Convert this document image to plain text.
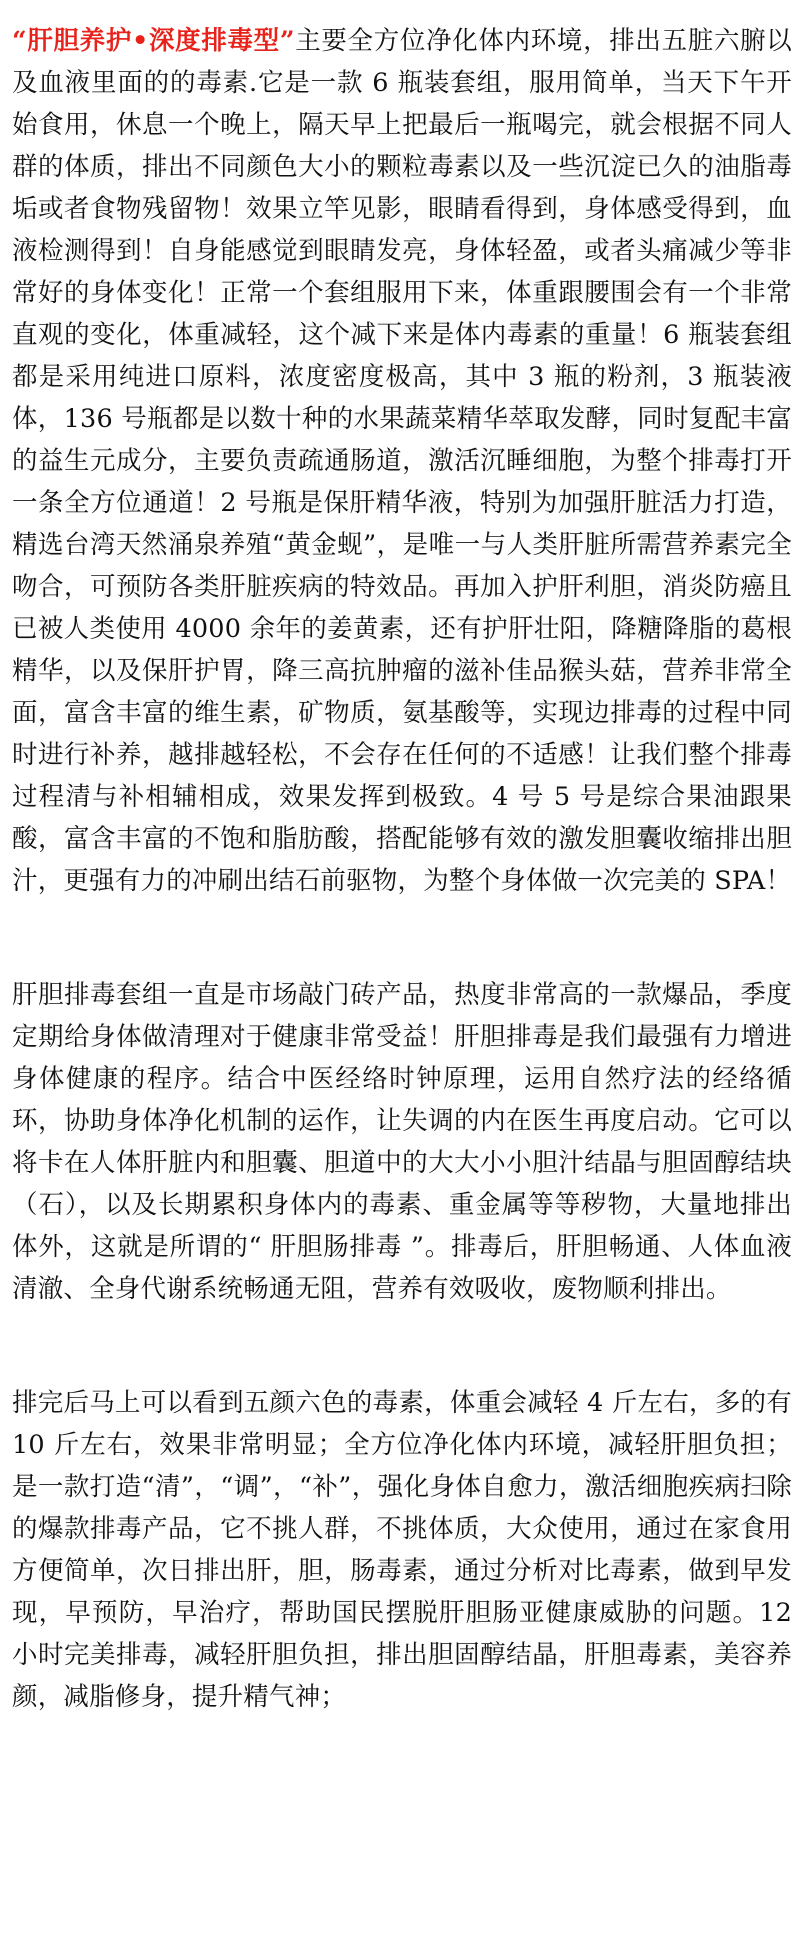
“肝胆养护•深度排毒型”主要全方位净化体内环境，排出五脏六腑以及血液里面的的毒素.它是一款 6 瓶装套组，服用简单，当天下午开始食用，休息一个晚上，隔天早上把最后一瓶喝完，就会根据不同人群的体质，排出不同颜色大小的颗粒毒素以及一些沉淀已久的油脂毒垢或者食物残留物！效果立竿见影，眼睛看得到，身体感受得到，血液检测得到！自身能感觉到眼睛发亮，身体轻盈，或者头痛减少等非常好的身体变化！正常一个套组服用下来，体重跟腰围会有一个非常直观的变化，体重减轻，这个减下来是体内毒素的重量！6 瓶装套组都是采用纯进口原料，浓度密度极高，其中 3 瓶的粉剂，3 瓶装液体，136 号瓶都是以数十种的水果蔬菜精华萃取发酵，同时复配丰富的益生元成分，主要负责疏通肠道，激活沉睡细胞，为整个排毒打开一条全方位通道！2 号瓶是保肝精华液，特别为加强肝脏活力打造，精选台湾天然涌泉养殖“黄金蚬”，是唯一与人类肝脏所需营养素完全吻合，可预防各类肝脏疾病的特效品。再加入护肝利胆，消炎防癌且已被人类使用 4000 余年的姜黄素，还有护肝壮阳，降糖降脂的葛根精华，以及保肝护胃，降三高抗肿瘤的滋补佳品猴头菇，营养非常全面，富含丰富的维生素，矿物质，氨基酸等，实现边排毒的过程中同时进行补养，越排越轻松，不会存在任何的不适感！让我们整个排毒过程清与补相辅相成，效果发挥到极致。4 号 5 号是综合果油跟果酸，富含丰富的不饱和脂肪酸，搭配能够有效的激发胆囊收缩排出胆汁，更强有力的冲刷出结石前驱物，为整个身体做一次完美的 SPA！

肝胆排毒套组一直是市场敲门砖产品，热度非常高的一款爆品，季度定期给身体做清理对于健康非常受益！肝胆排毒是我们最强有力增进身体健康的程序。结合中医经络时钟原理，运用自然疗法的经络循环，协助身体净化机制的运作，让失调的内在医生再度启动。它可以将卡在人体肝脏内和胆囊、胆道中的大大小小胆汁结晶与胆固醇结块（石），以及长期累积身体内的毒素、重金属等等秽物，大量地排出体外，这就是所谓的“ 肝胆肠排毒 ”。排毒后，肝胆畅通、人体血液清澈、全身代谢系统畅通无阻，营养有效吸收，废物顺利排出。

排完后马上可以看到五颜六色的毒素，体重会减轻 4 斤左右，多的有 10 斤左右，效果非常明显；全方位净化体内环境，减轻肝胆负担；是一款打造“清”，“调”，“补”，强化身体自愈力，激活细胞疾病扫除的爆款排毒产品，它不挑人群，不挑体质，大众使用，通过在家食用方便简单，次日排出肝，胆，肠毒素，通过分析对比毒素，做到早发现，早预防，早治疗，帮助国民摆脱肝胆肠亚健康威胁的问题。12 小时完美排毒，减轻肝胆负担，排出胆固醇结晶，肝胆毒素，美容养颜，减脂修身，提升精气神；
